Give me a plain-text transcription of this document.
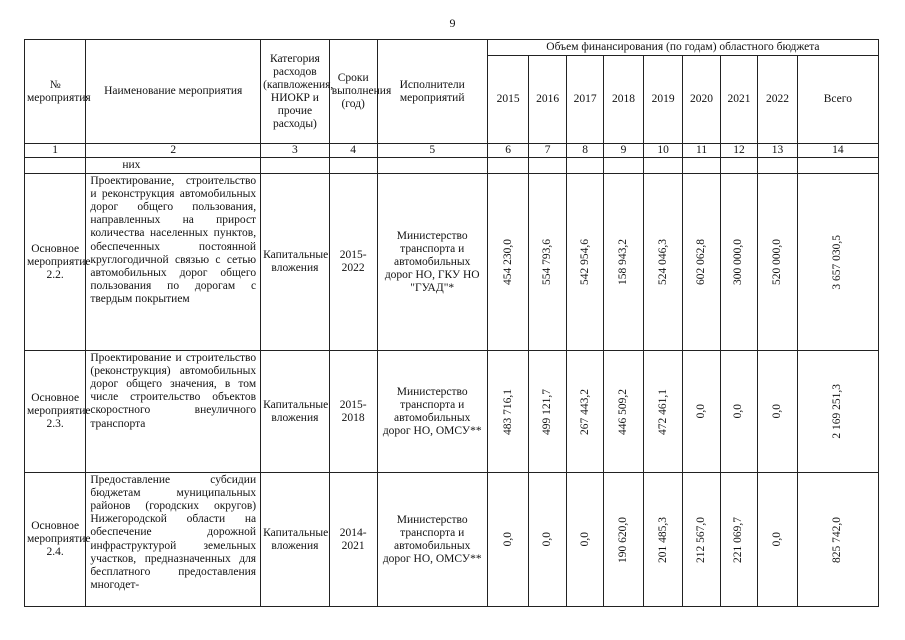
9
№ мероприятия	Наименование мероприятия	Категория расходов (капвложения, НИОКР и прочие расходы)	Сроки выполнения (год)	Исполнители мероприятий	Объем финансирования (по годам) областного бюджета								
					2015	2016	2017	2018	2019	2020	2021	2022	Всего
1	2	3	4	5	6	7	8	9	10	11	12	13	14
	них												
Основное мероприятие 2.2.	Проектирование, строительство и реконструкция автомобильных дорог общего пользования, направленных на прирост количества населенных пунктов, обеспеченных постоянной круглогодичной связью с сетью автомобильных дорог общего пользования по дорогам с твердым покрытием	Капитальные вложения	2015-2022	Министерство транспорта и автомобильных дорог НО, ГКУ НО "ГУАД"*	454 230,0	554 793,6	542 954,6	158 943,2	524 046,3	602 062,8	300 000,0	520 000,0	3 657 030,5

Основное мероприятие 2.3.	Проектирование и строительство (реконструкция) автомобильных дорог общего значения, в том числе строительство объектов скоростного внеуличного транспорта	Капитальные вложения	2015-2018	Министерство транспорта и автомобильных дорог НО, ОМСУ**	483 716,1	499 121,7	267 443,2	446 509,2	472 461,1	0,0	0,0	0,0	2 169 251,3

Основное мероприятие 2.4.	Предоставление субсидии бюджетам муниципальных районов (городских округов) Нижегородской области на обеспечение дорожной инфраструктурой земельных участков, предназначенных для бесплатного предоставления многодет-	Капитальные вложения	2014-2021	Министерство транспорта и автомобильных дорог НО, ОМСУ**	0,0	0,0	0,0	190 620,0	201 485,3	212 567,0	221 069,7	0,0	825 742,0
